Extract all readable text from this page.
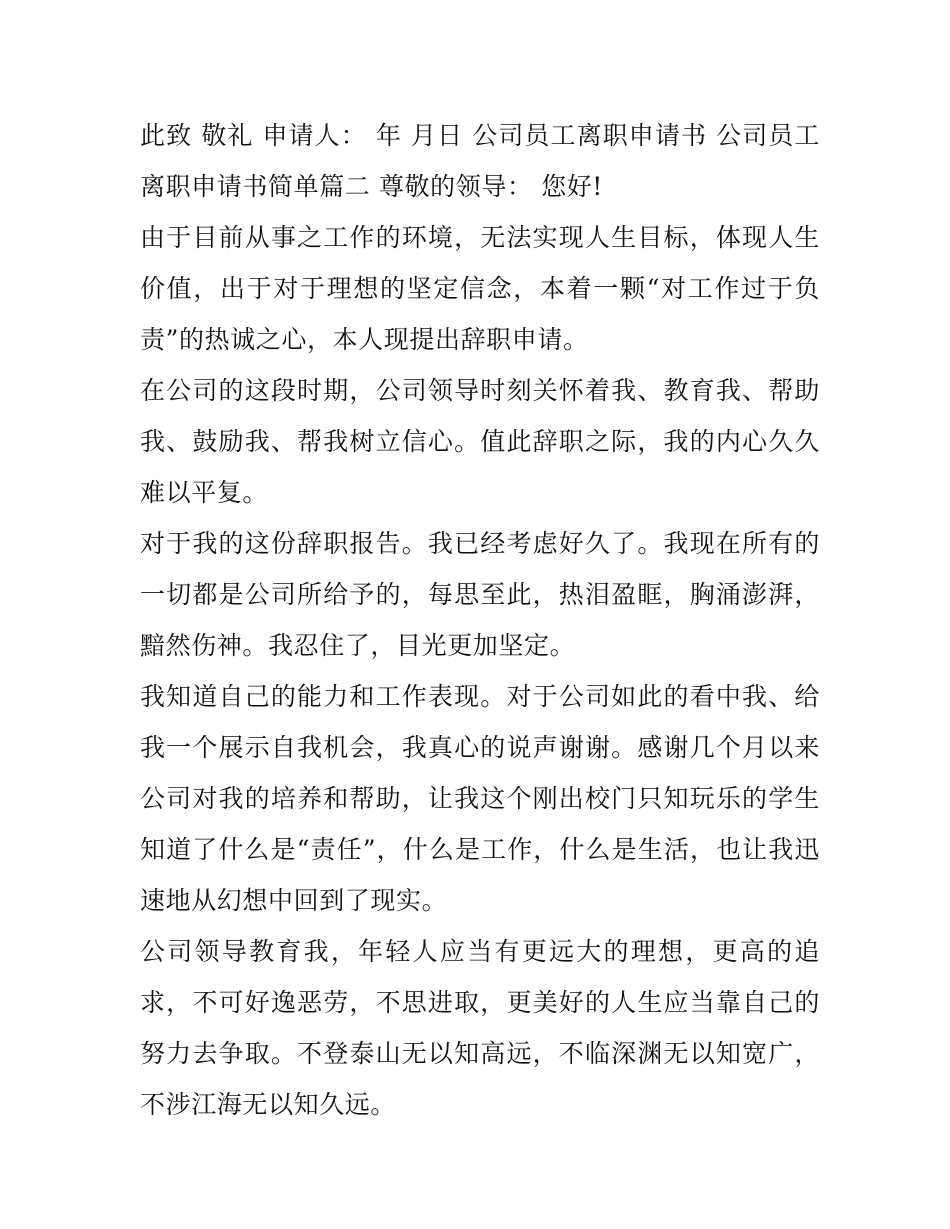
此致 敬礼 申请人： 年 月日 公司员工离职申请书 公司员工离职申请书简单篇二 尊敬的领导： 您好!

由于目前从事之工作的环境，无法实现人生目标，体现人生价值，出于对于理想的坚定信念，本着一颗“对工作过于负责”的热诚之心，本人现提出辞职申请。

在公司的这段时期，公司领导时刻关怀着我、教育我、帮助我、鼓励我、帮我树立信心。值此辞职之际，我的内心久久难以平复。

对于我的这份辞职报告。我已经考虑好久了。我现在所有的一切都是公司所给予的，每思至此，热泪盈眶，胸涌澎湃，黯然伤神。我忍住了，目光更加坚定。

我知道自己的能力和工作表现。对于公司如此的看中我、给我一个展示自我机会，我真心的说声谢谢。感谢几个月以来公司对我的培养和帮助，让我这个刚出校门只知玩乐的学生知道了什么是“责任”，什么是工作，什么是生活，也让我迅速地从幻想中回到了现实。

公司领导教育我，年轻人应当有更远大的理想，更高的追求，不可好逸恶劳，不思进取，更美好的人生应当靠自己的努力去争取。不登泰山无以知高远，不临深渊无以知宽广，不涉江海无以知久远。
